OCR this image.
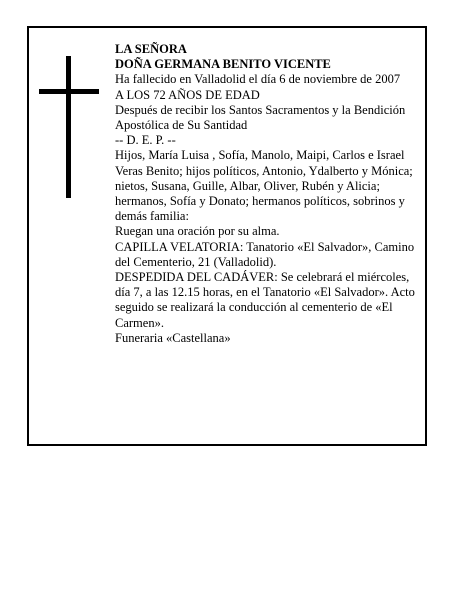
LA SEÑORA

DOÑA GERMANA BENITO VICENTE

Ha fallecido en Valladolid el día 6 de noviembre de 2007

A LOS 72 AÑOS DE EDAD

Después de recibir los Santos Sacramentos y la Bendición Apostólica de Su Santidad

-- D. E. P. --

Hijos, María Luisa , Sofía, Manolo, Maipi, Carlos e Israel Veras Benito; hijos políticos, Antonio, Ydalberto y Mónica; nietos, Susana, Guille, Albar, Oliver, Rubén y Alicia; hermanos, Sofía y Donato; hermanos políticos, sobrinos y demás familia:

Ruegan una oración por su alma.

CAPILLA VELATORIA: Tanatorio «El Salvador», Camino del Cementerio, 21 (Valladolid).

DESPEDIDA DEL CADÁVER: Se celebrará el miércoles, día 7, a las 12.15 horas, en el Tanatorio «El Salvador». Acto seguido se realizará la conducción al cementerio de «El Carmen».

Funeraria «Castellana»
